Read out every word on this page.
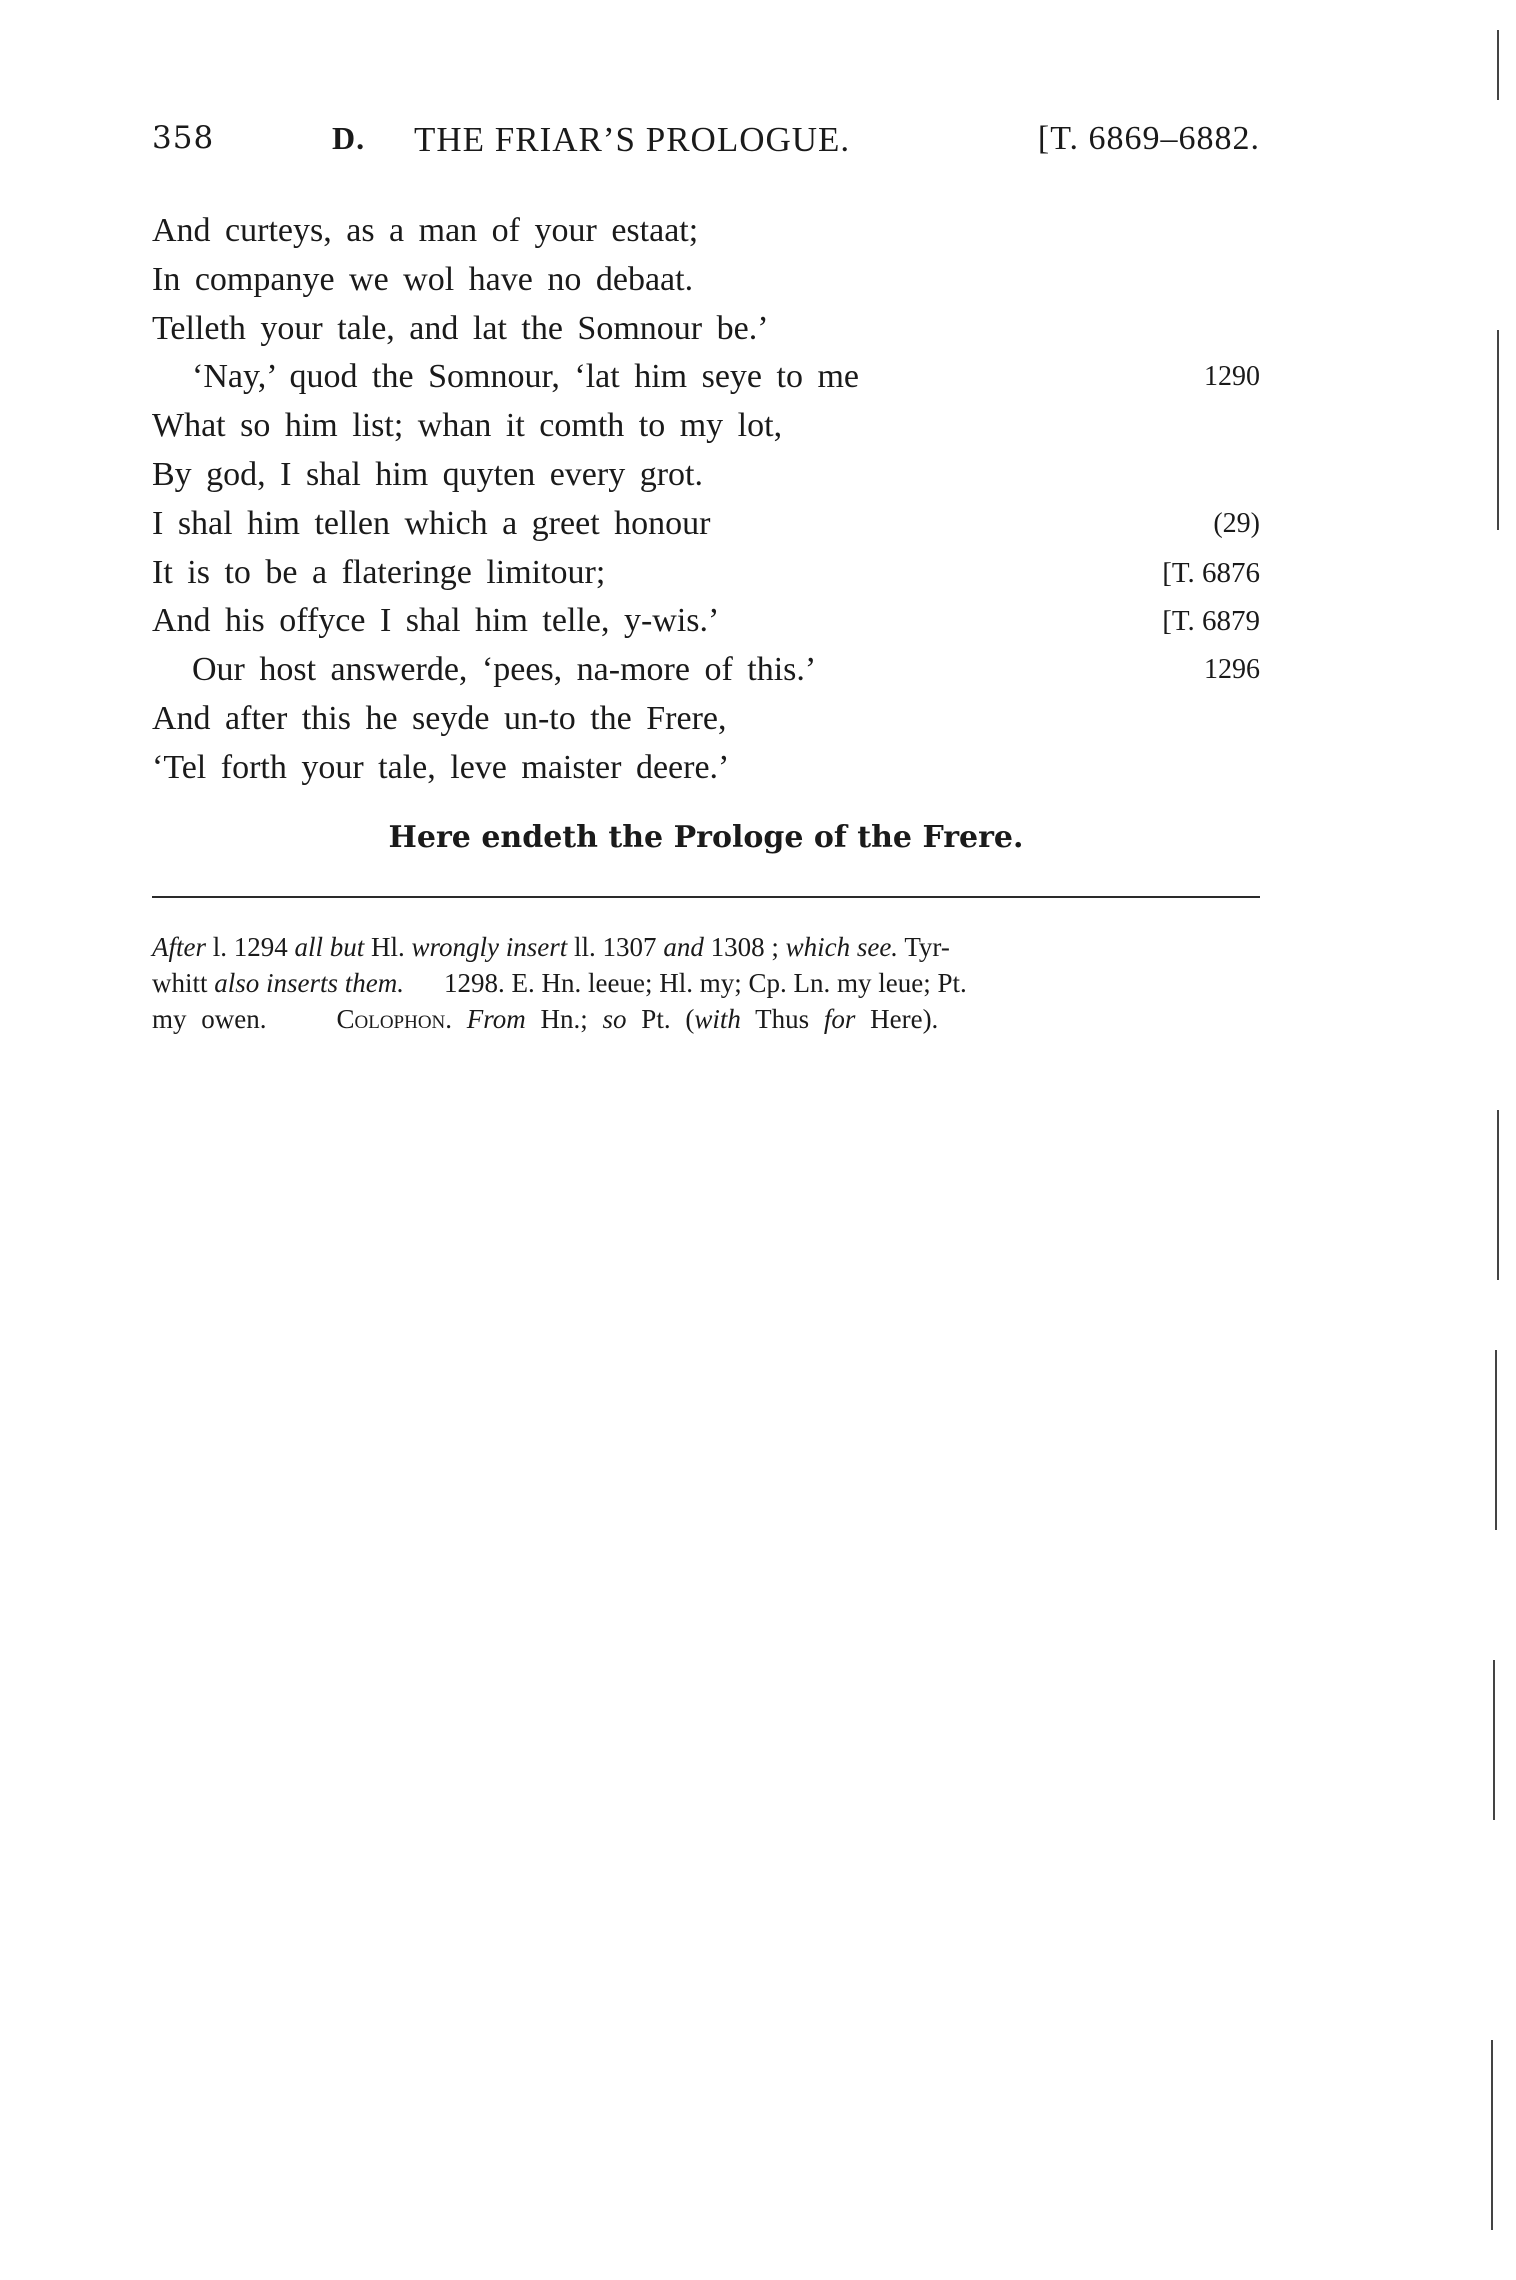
358	D. THE FRIAR’S PROLOGUE.	[T. 6869–6882.
And curteys, as a man of your estaat;
In companye we wol have no debaat.
Telleth your tale, and lat the Somnour be.’
‘Nay,’ quod the Somnour, ‘lat him seye to me	1290
What so him list; whan it comth to my lot,
By god, I shal him quyten every grot.
I shal him tellen which a greet honour	(29)
It is to be a flateringe limitour;	[T. 6876
And his offyce I shal him telle, y-wis.’	[T. 6879
Our host answerde, ‘pees, na-more of this.’	1296
And after this he seyde un-to the Frere,
‘Tel forth your tale, leve maister deere.’
Here endeth the Prologe of the Frere.
After l. 1294 all but Hl. wrongly insert ll. 1307 and 1308 ; which see. Tyr-
whitt also inserts them. 1298. E. Hn. leeue; Hl. my; Cp. Ln. my leue; Pt.
my owen.	Colophon. From Hn.; so Pt. (with Thus for Here).
